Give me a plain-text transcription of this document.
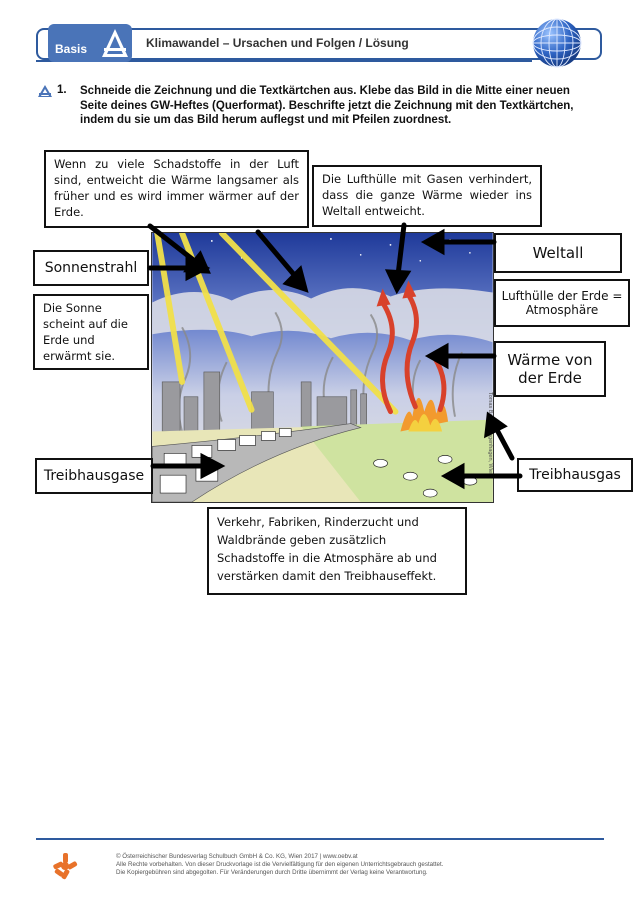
Basis	Klimawandel – Ursachen und Folgen / Lösung
1. Schneide die Zeichnung und die Textkärtchen aus. Klebe das Bild in die Mitte einer neuen Seite deines GW-Heftes (Querformat). Beschrifte jetzt die Zeichnung mit den Textkärtchen, indem du sie um das Bild herum auflegst und mit Pfeilen zuordnest.
Wenn zu viele Schadstoffe in der Luft sind, entweicht die Wärme langsamer als früher und es wird immer wärmer auf der Erde.
Die Lufthülle mit Gasen verhindert, dass die ganze Wärme wieder ins Weltall entweicht.
Weltall
Sonnenstrahl
Die Sonne scheint auf die Erde und erwärmt sie.
Lufthülle der Erde = Atmosphäre
Wärme von der Erde
Treibhausgase	Treibhausgas
Verkehr, Fabriken, Rinderzucht und Waldbrände geben zusätzlich Schadstoffe in die Atmosphäre ab und verstärken damit den Treibhauseffekt.
© Österreichischer Bundesverlag Schulbuch GmbH & Co. KG, Wien 2017 | www.oebv.at
Alle Rechte vorbehalten. Von dieser Druckvorlage ist die Vervielfältigung für den eigenen Unterrichtsgebrauch gestattet.
Die Kopiergebühren sind abgegolten. Für Veränderungen durch Dritte übernimmt der Verlag keine Verantwortung.
